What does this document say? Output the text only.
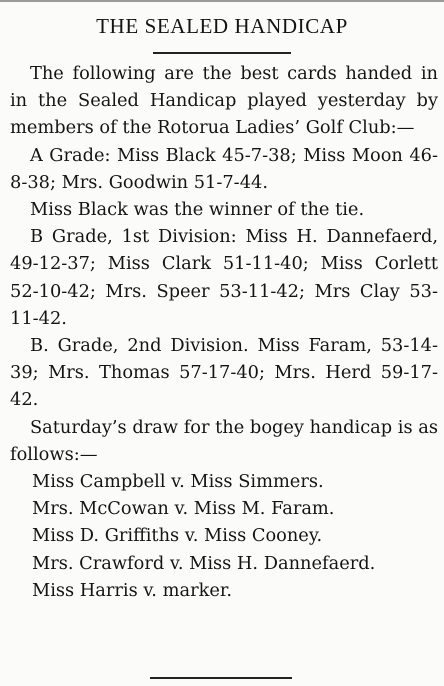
THE SEALED HANDICAP

The following are the best cards handed in in the Sealed Handicap played yesterday by members of the Rotorua Ladies’ Golf Club:—

A Grade: Miss Black 45-7-38; Miss Moon 46-8-38; Mrs. Goodwin 51-7-44.

Miss Black was the winner of the tie.

B Grade, 1st Division: Miss H. Dannefaerd, 49-12-37; Miss Clark 51-11-40; Miss Corlett 52-10-42; Mrs. Speer 53-11-42; Mrs Clay 53-11-42.

B. Grade, 2nd Division. Miss Faram, 53-14-39; Mrs. Thomas 57-17-40; Mrs. Herd 59-17-42.

Saturday’s draw for the bogey handicap is as follows:—

Miss Campbell v. Miss Simmers.

Mrs. McCowan v. Miss M. Faram.

Miss D. Griffiths v. Miss Cooney.

Mrs. Crawford v. Miss H. Dannefaerd.

Miss Harris v. marker.
